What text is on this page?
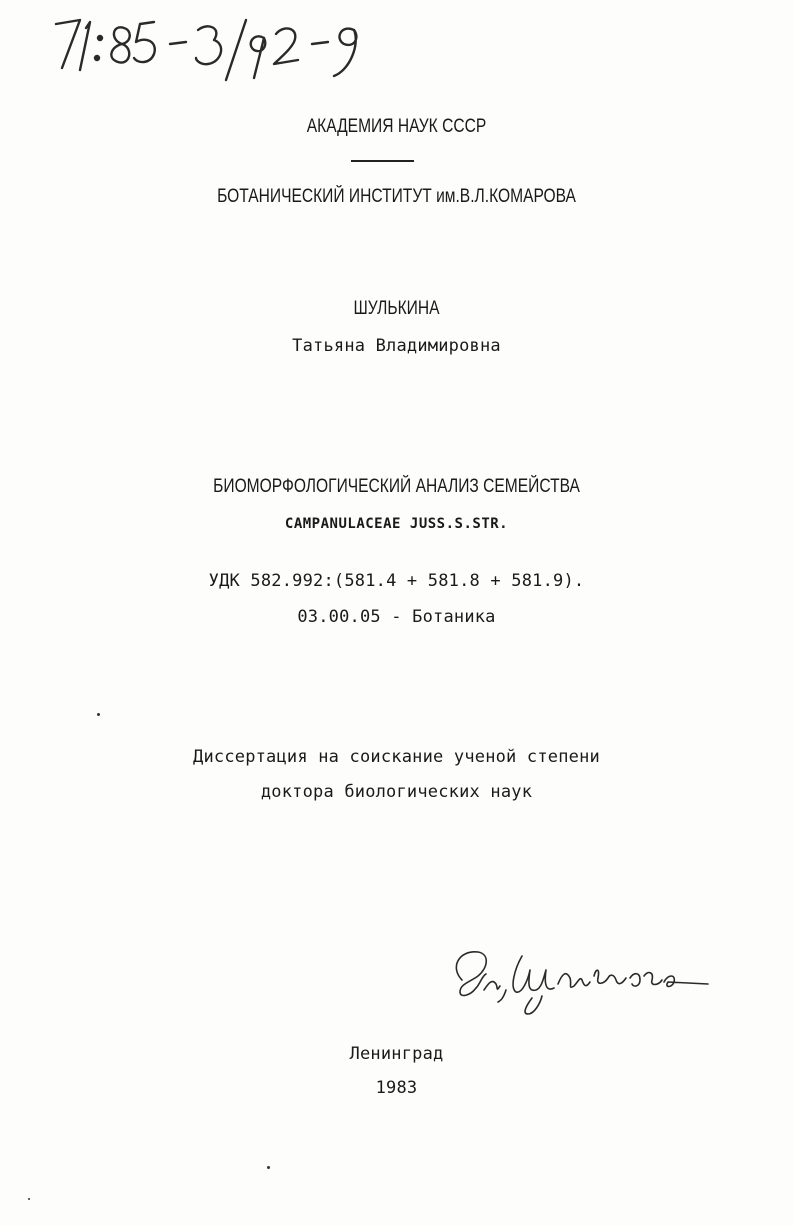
АКАДЕМИЯ НАУК СССР
БОТАНИЧЕСКИЙ ИНСТИТУТ им.В.Л.КОМАРОВА
ШУЛЬКИНА
Татьяна Владимировна
БИОМОРФОЛОГИЧЕСКИЙ АНАЛИЗ СЕМЕЙСТВА
CAMPANULACEAE JUSS.S.STR.
УДК 582.992:(581.4 + 581.8 + 581.9).
03.00.05 - Ботаника
Диссертация на соискание ученой степени
доктора биологических наук
Ленинград
1983
